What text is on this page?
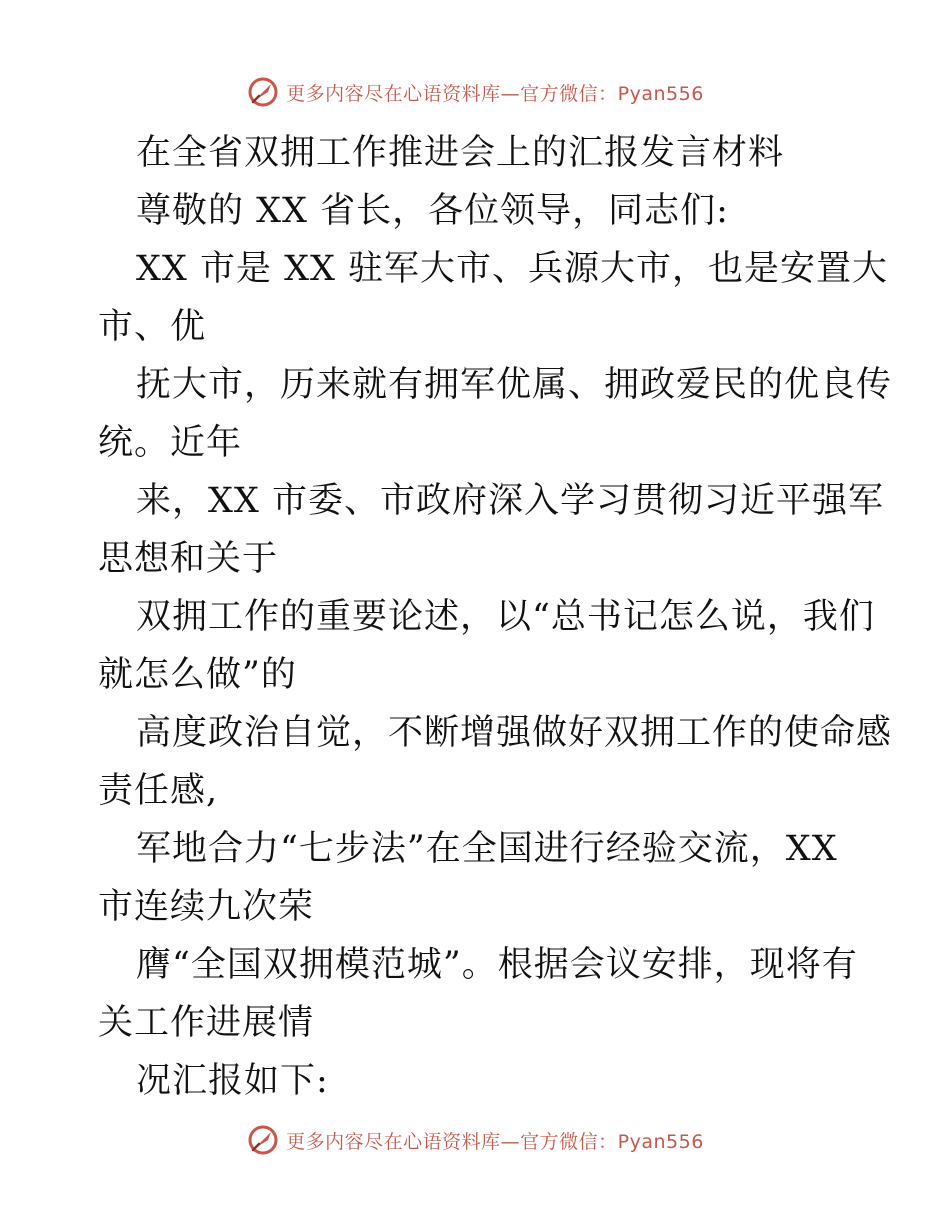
更多内容尽在心语资料库—官方微信：Pyan556

在全省双拥工作推进会上的汇报发言材料

尊敬的 XX 省长，各位领导，同志们:

XX 市是 XX 驻军大市、兵源大市，也是安置大

市、优

抚大市，历来就有拥军优属、拥政爱民的优良传

统。近年

来，XX 市委、市政府深入学习贯彻习近平强军

思想和关于

双拥工作的重要论述，以“总书记怎么说，我们

就怎么做”的

高度政治自觉，不断增强做好双拥工作的使命感

责任感,

军地合力“七步法”在全国进行经验交流，XX

市连续九次荣

膺“全国双拥模范城”。根据会议安排，现将有

关工作进展情

况汇报如下:

更多内容尽在心语资料库—官方微信：Pyan556
